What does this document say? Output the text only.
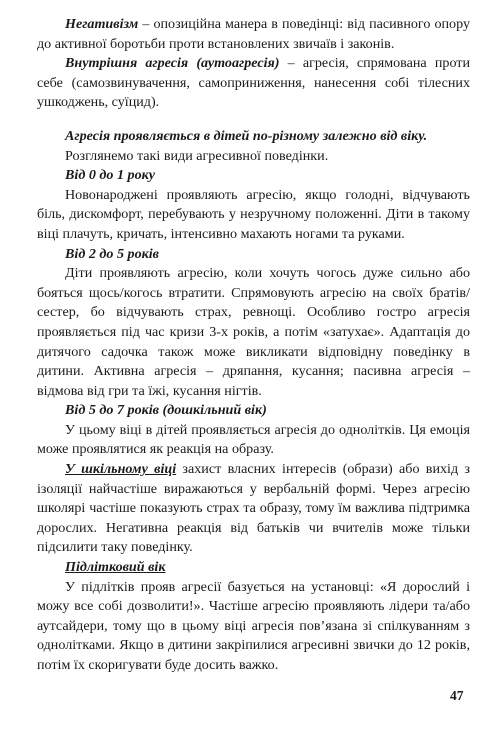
Негативізм – опозиційна манера в поведінці: від пасивного опору до активної боротьби проти встановлених звичаїв і законів.

Внутрішня агресія (аутоагресія) – агресія, спрямована проти себе (самозвинувачення, самоприниження, нанесення собі тілесних ушкоджень, суїцид).

Агресія проявляється в дітей по-різному залежно від віку.

Розглянемо такі види агресивної поведінки.

Від 0 до 1 року

Новонароджені проявляють агресію, якщо голодні, відчувають біль, дискомфорт, перебувають у незручному положенні. Діти в такому віці плачуть, кричать, інтенсивно махають ногами та руками.

Від 2 до 5 років

Діти проявляють агресію, коли хочуть чогось дуже сильно або бояться щось/когось втратити. Спрямовують агресію на своїх братів/сестер, бо відчувають страх, ревнощі. Особливо гостро агресія проявляється під час кризи 3-х років, а потім «затухає». Адаптація до дитячого садочка також може викликати відповідну поведінку в дитини. Активна агресія – дряпання, кусання; пасивна агресія – відмова від гри та їжі, кусання нігтів.

Від 5 до 7 років (дошкільний вік)

У цьому віці в дітей проявляється агресія до однолітків. Ця емоція може проявлятися як реакція на образу.

У шкільному віці захист власних інтересів (образи) або вихід з ізоляції найчастіше виражаються у вербальній формі. Через агресію школярі частіше показують страх та образу, тому їм важлива підтримка дорослих. Негативна реакція від батьків чи вчителів може тільки підсилити таку поведінку.

Підлітковий вік

У підлітків прояв агресії базується на установці: «Я дорослий і можу все собі дозволити!». Частіше агресію проявляють лідери та/або аутсайдери, тому що в цьому віці агресія пов’язана зі спілкуванням з однолітками. Якщо в дитини закріпилися агресивні звички до 12 років, потім їх скоригувати буде досить важко.

47
